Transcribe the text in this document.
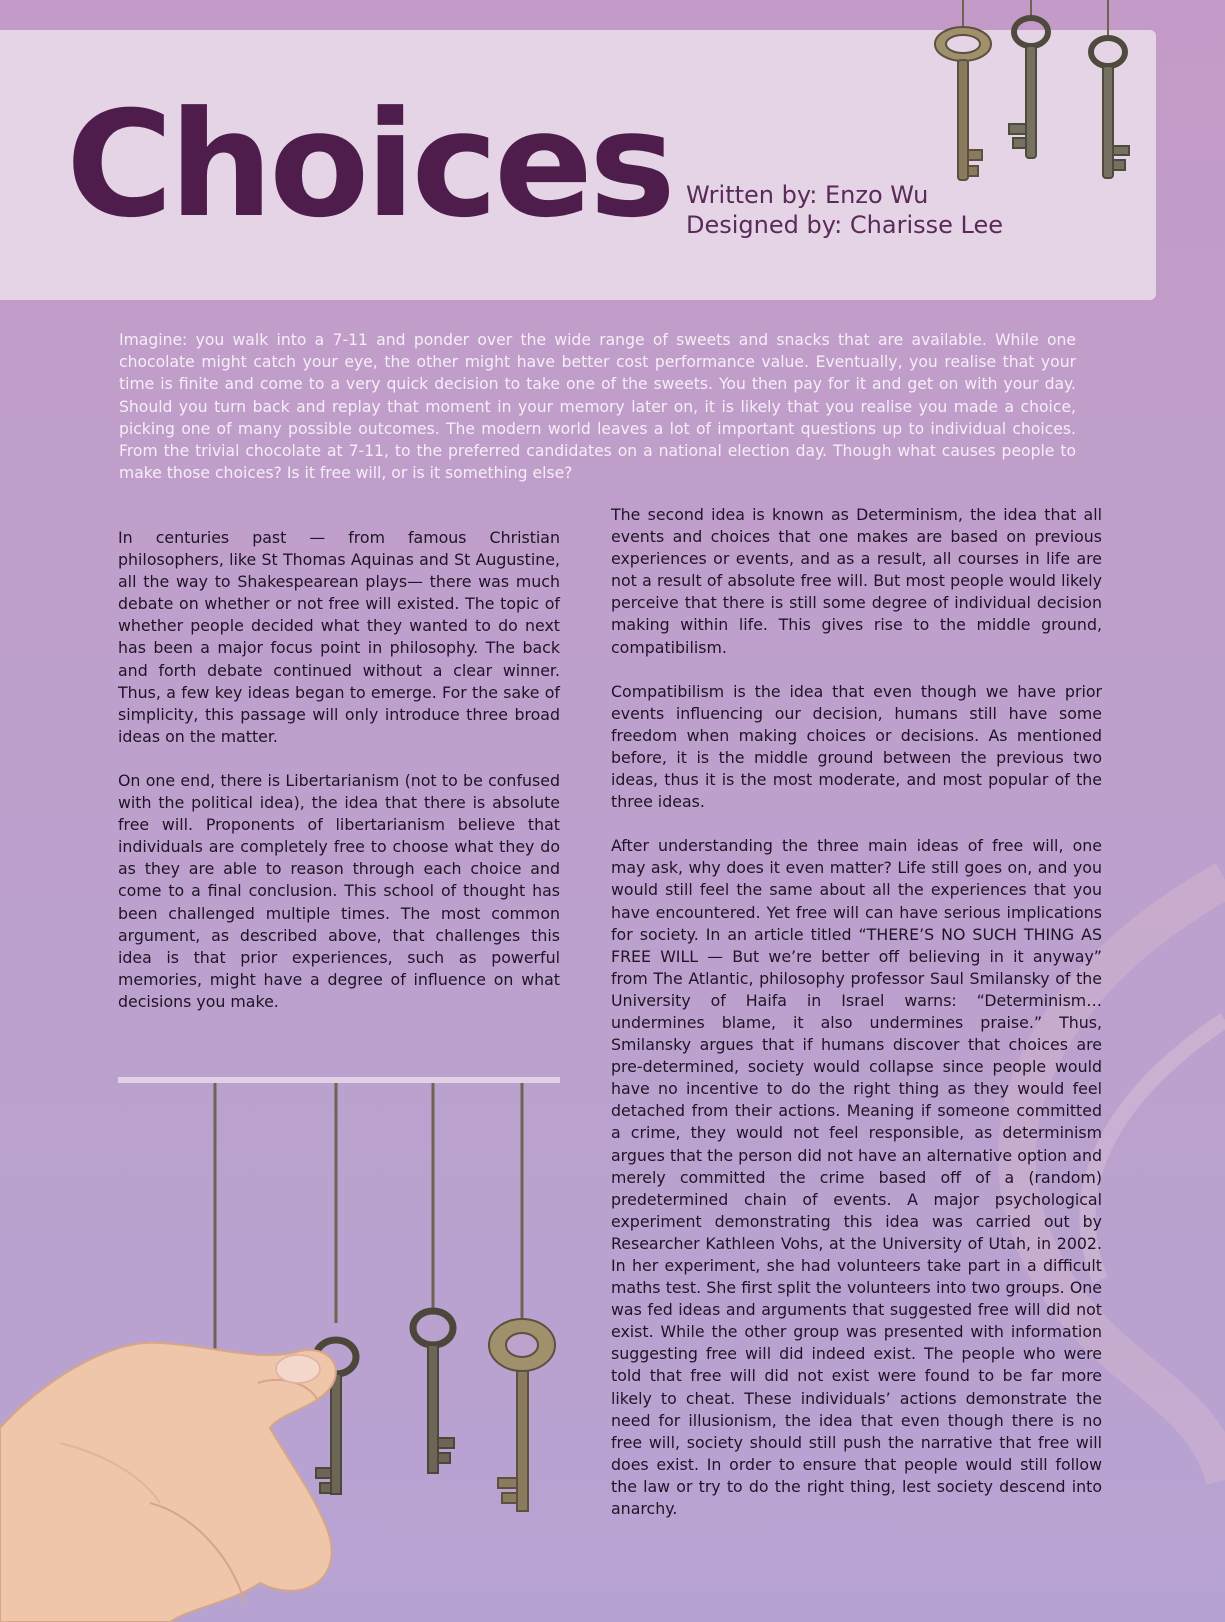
Choices Written by: Enzo Wu
Designed by: Charisse Lee

Imagine: you walk into a 7-11 and ponder over the wide range of sweets and snacks that are available. While one chocolate might catch your eye, the other might have better cost performance value. Eventually, you realise that your time is finite and come to a very quick decision to take one of the sweets. You then pay for it and get on with your day. Should you turn back and replay that moment in your memory later on, it is likely that you realise you made a choice, picking one of many possible outcomes. The modern world leaves a lot of important questions up to individual choices. From the trivial chocolate at 7-11, to the preferred candidates on a national election day. Though what causes people to make those choices? Is it free will, or is it something else?

In centuries past — from famous Christian philosophers, like St Thomas Aquinas and St Augustine, all the way to Shakespearean plays— there was much debate on whether or not free will existed. The topic of whether people decided what they wanted to do next has been a major focus point in philosophy. The back and forth debate continued without a clear winner. Thus, a few key ideas began to emerge. For the sake of simplicity, this passage will only introduce three broad ideas on the matter.

On one end, there is Libertarianism (not to be confused with the political idea), the idea that there is absolute free will. Proponents of libertarianism believe that individuals are completely free to choose what they do as they are able to reason through each choice and come to a final conclusion. This school of thought has been challenged multiple times. The most common argument, as described above, that challenges this idea is that prior experiences, such as powerful memories, might have a degree of influence on what decisions you make.

The second idea is known as Determinism, the idea that all events and choices that one makes are based on previous experiences or events, and as a result, all courses in life are not a result of absolute free will. But most people would likely perceive that there is still some degree of individual decision making within life. This gives rise to the middle ground, compatibilism.

Compatibilism is the idea that even though we have prior events influencing our decision, humans still have some freedom when making choices or decisions. As mentioned before, it is the middle ground between the previous two ideas, thus it is the most moderate, and most popular of the three ideas.

After understanding the three main ideas of free will, one may ask, why does it even matter? Life still goes on, and you would still feel the same about all the experiences that you have encountered. Yet free will can have serious implications for society. In an article titled “THERE’S NO SUCH THING AS FREE WILL — But we’re better off believing in it anyway” from The Atlantic, philosophy professor Saul Smilansky of the University of Haifa in Israel warns: “Determinism…undermines blame, it also undermines praise.” Thus, Smilansky argues that if humans discover that choices are pre-determined, society would collapse since people would have no incentive to do the right thing as they would feel detached from their actions. Meaning if someone committed a crime, they would not feel responsible, as determinism argues that the person did not have an alternative option and merely committed the crime based off of a (random) predetermined chain of events. A major psychological experiment demonstrating this idea was carried out by Researcher Kathleen Vohs, at the University of Utah, in 2002. In her experiment, she had volunteers take part in a difficult maths test. She first split the volunteers into two groups. One was fed ideas and arguments that suggested free will did not exist. While the other group was presented with information suggesting free will did indeed exist. The people who were told that free will did not exist were found to be far more likely to cheat. These individuals’ actions demonstrate the need for illusionism, the idea that even though there is no free will, society should still push the narrative that free will does exist. In order to ensure that people would still follow the law or try to do the right thing, lest society descend into anarchy.
